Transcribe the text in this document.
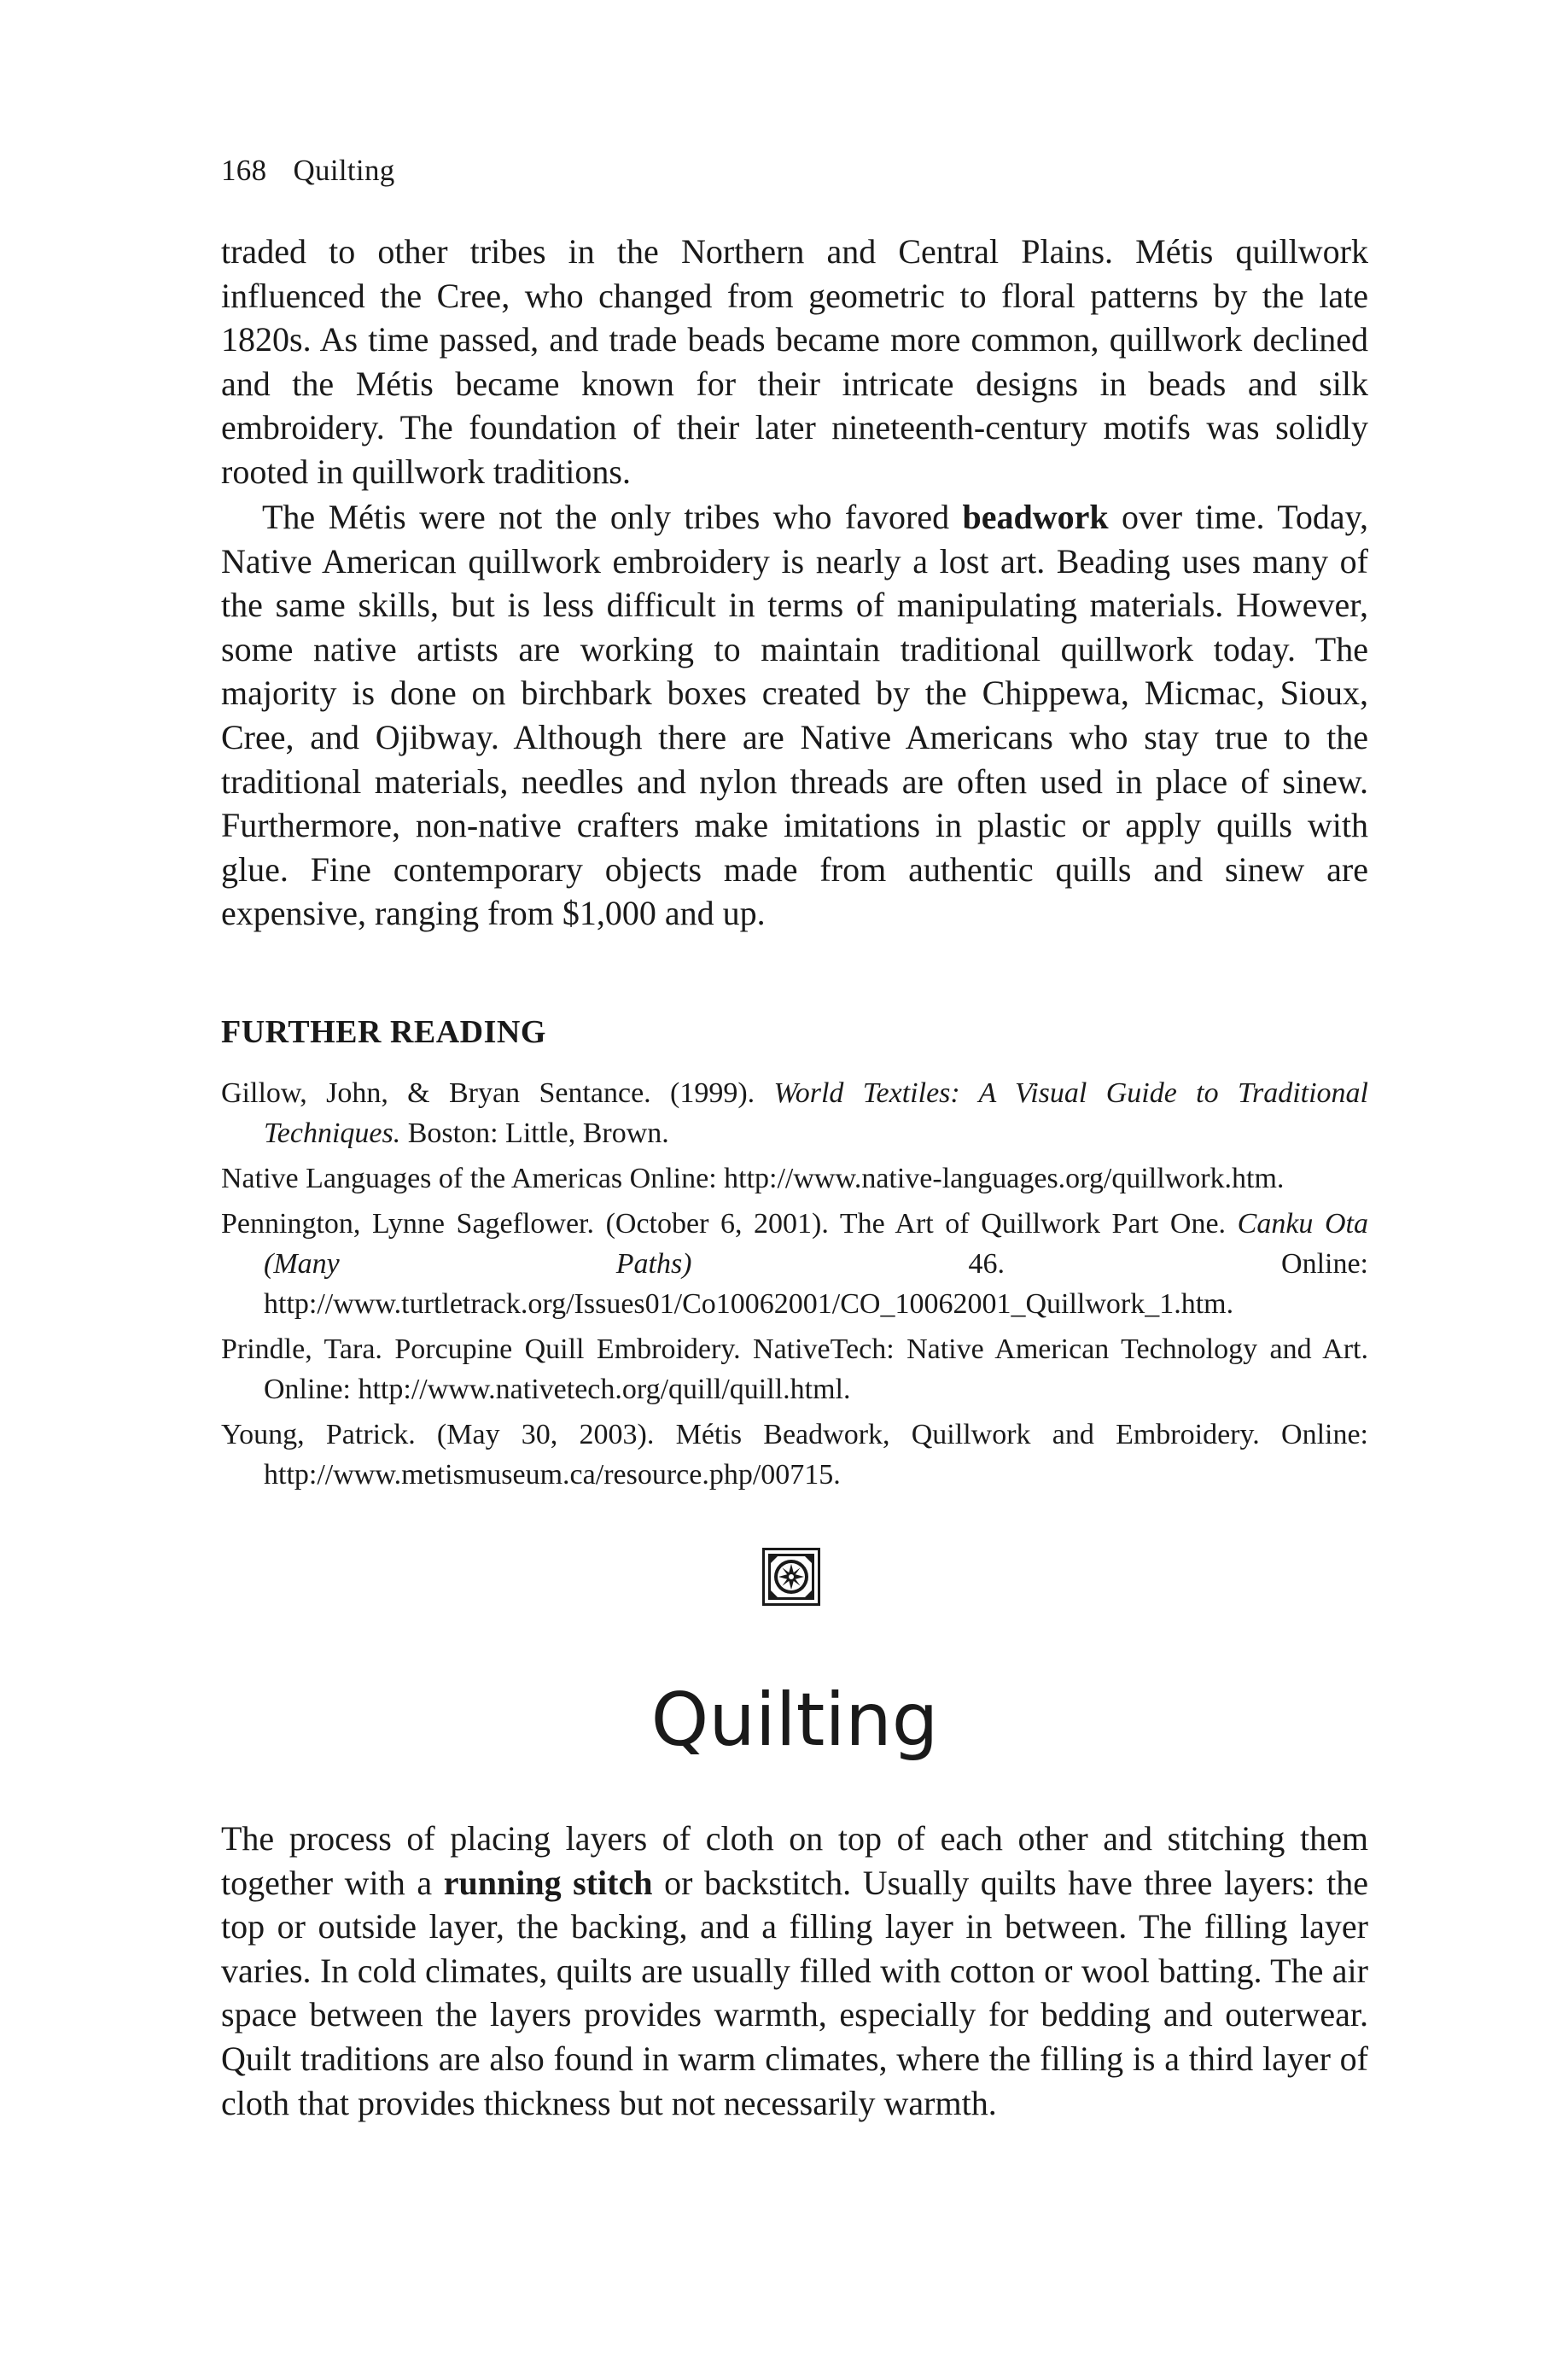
168 Quilting

traded to other tribes in the Northern and Central Plains. Métis quillwork influenced the Cree, who changed from geometric to floral patterns by the late 1820s. As time passed, and trade beads became more common, quillwork declined and the Métis became known for their intricate designs in beads and silk embroidery. The foundation of their later nineteenth-century motifs was solidly rooted in quillwork traditions.

The Métis were not the only tribes who favored beadwork over time. Today, Native American quillwork embroidery is nearly a lost art. Beading uses many of the same skills, but is less difficult in terms of manipulating materials. However, some native artists are working to maintain traditional quillwork today. The majority is done on birchbark boxes created by the Chippewa, Micmac, Sioux, Cree, and Ojibway. Although there are Native Americans who stay true to the traditional materials, needles and nylon threads are often used in place of sinew. Furthermore, non-native crafters make imitations in plastic or apply quills with glue. Fine contemporary objects made from authentic quills and sinew are expensive, ranging from $1,000 and up.

FURTHER READING

Gillow, John, & Bryan Sentance. (1999). World Textiles: A Visual Guide to Traditional Techniques. Boston: Little, Brown.

Native Languages of the Americas Online: http://www.native-languages.org/quillwork.htm.

Pennington, Lynne Sageflower. (October 6, 2001). The Art of Quillwork Part One. Canku Ota (Many Paths) 46. Online: http://www.turtletrack.org/Issues01/Co10062001/CO_10062001_Quillwork_1.htm.

Prindle, Tara. Porcupine Quill Embroidery. NativeTech: Native American Technology and Art. Online: http://www.nativetech.org/quill/quill.html.

Young, Patrick. (May 30, 2003). Métis Beadwork, Quillwork and Embroidery. Online: http://www.metismuseum.ca/resource.php/00715.

Quilting

The process of placing layers of cloth on top of each other and stitching them together with a running stitch or backstitch. Usually quilts have three layers: the top or outside layer, the backing, and a filling layer in between. The filling layer varies. In cold climates, quilts are usually filled with cotton or wool batting. The air space between the layers provides warmth, especially for bedding and outerwear. Quilt traditions are also found in warm climates, where the filling is a third layer of cloth that provides thickness but not necessarily warmth.
